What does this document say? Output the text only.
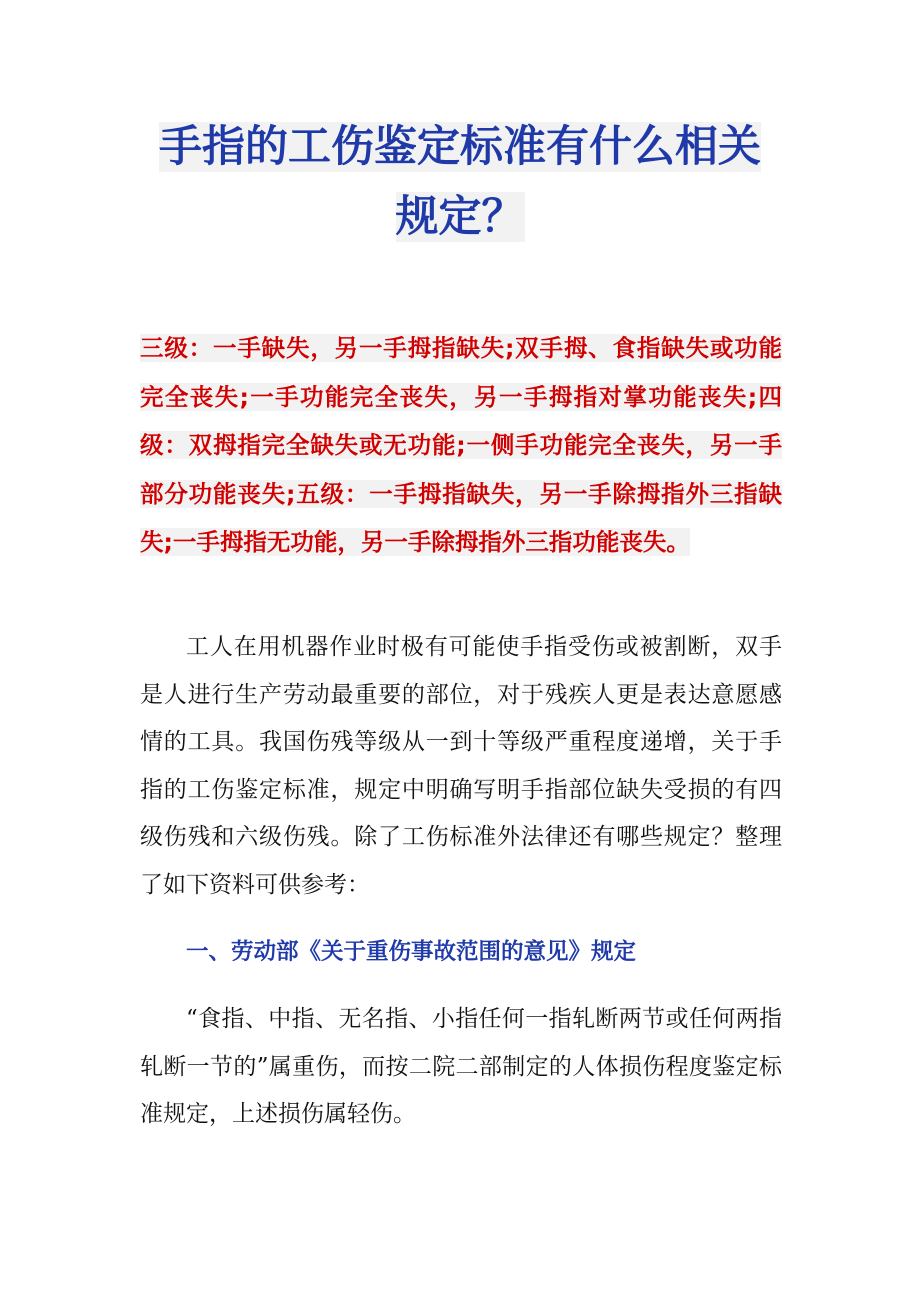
手指的工伤鉴定标准有什么相关规定？
三级：一手缺失，另一手拇指缺失;双手拇、食指缺失或功能完全丧失;一手功能完全丧失，另一手拇指对掌功能丧失;四级：双拇指完全缺失或无功能;一侧手功能完全丧失，另一手部分功能丧失;五级：一手拇指缺失，另一手除拇指外三指缺失;一手拇指无功能，另一手除拇指外三指功能丧失。
工人在用机器作业时极有可能使手指受伤或被割断，双手是人进行生产劳动最重要的部位，对于残疾人更是表达意愿感情的工具。我国伤残等级从一到十等级严重程度递增，关于手指的工伤鉴定标准，规定中明确写明手指部位缺失受损的有四级伤残和六级伤残。除了工伤标准外法律还有哪些规定？整理了如下资料可供参考：
一、劳动部《关于重伤事故范围的意见》规定
“食指、中指、无名指、小指任何一指轧断两节或任何两指轧断一节的”属重伤，而按二院二部制定的人体损伤程度鉴定标准规定，上述损伤属轻伤。
